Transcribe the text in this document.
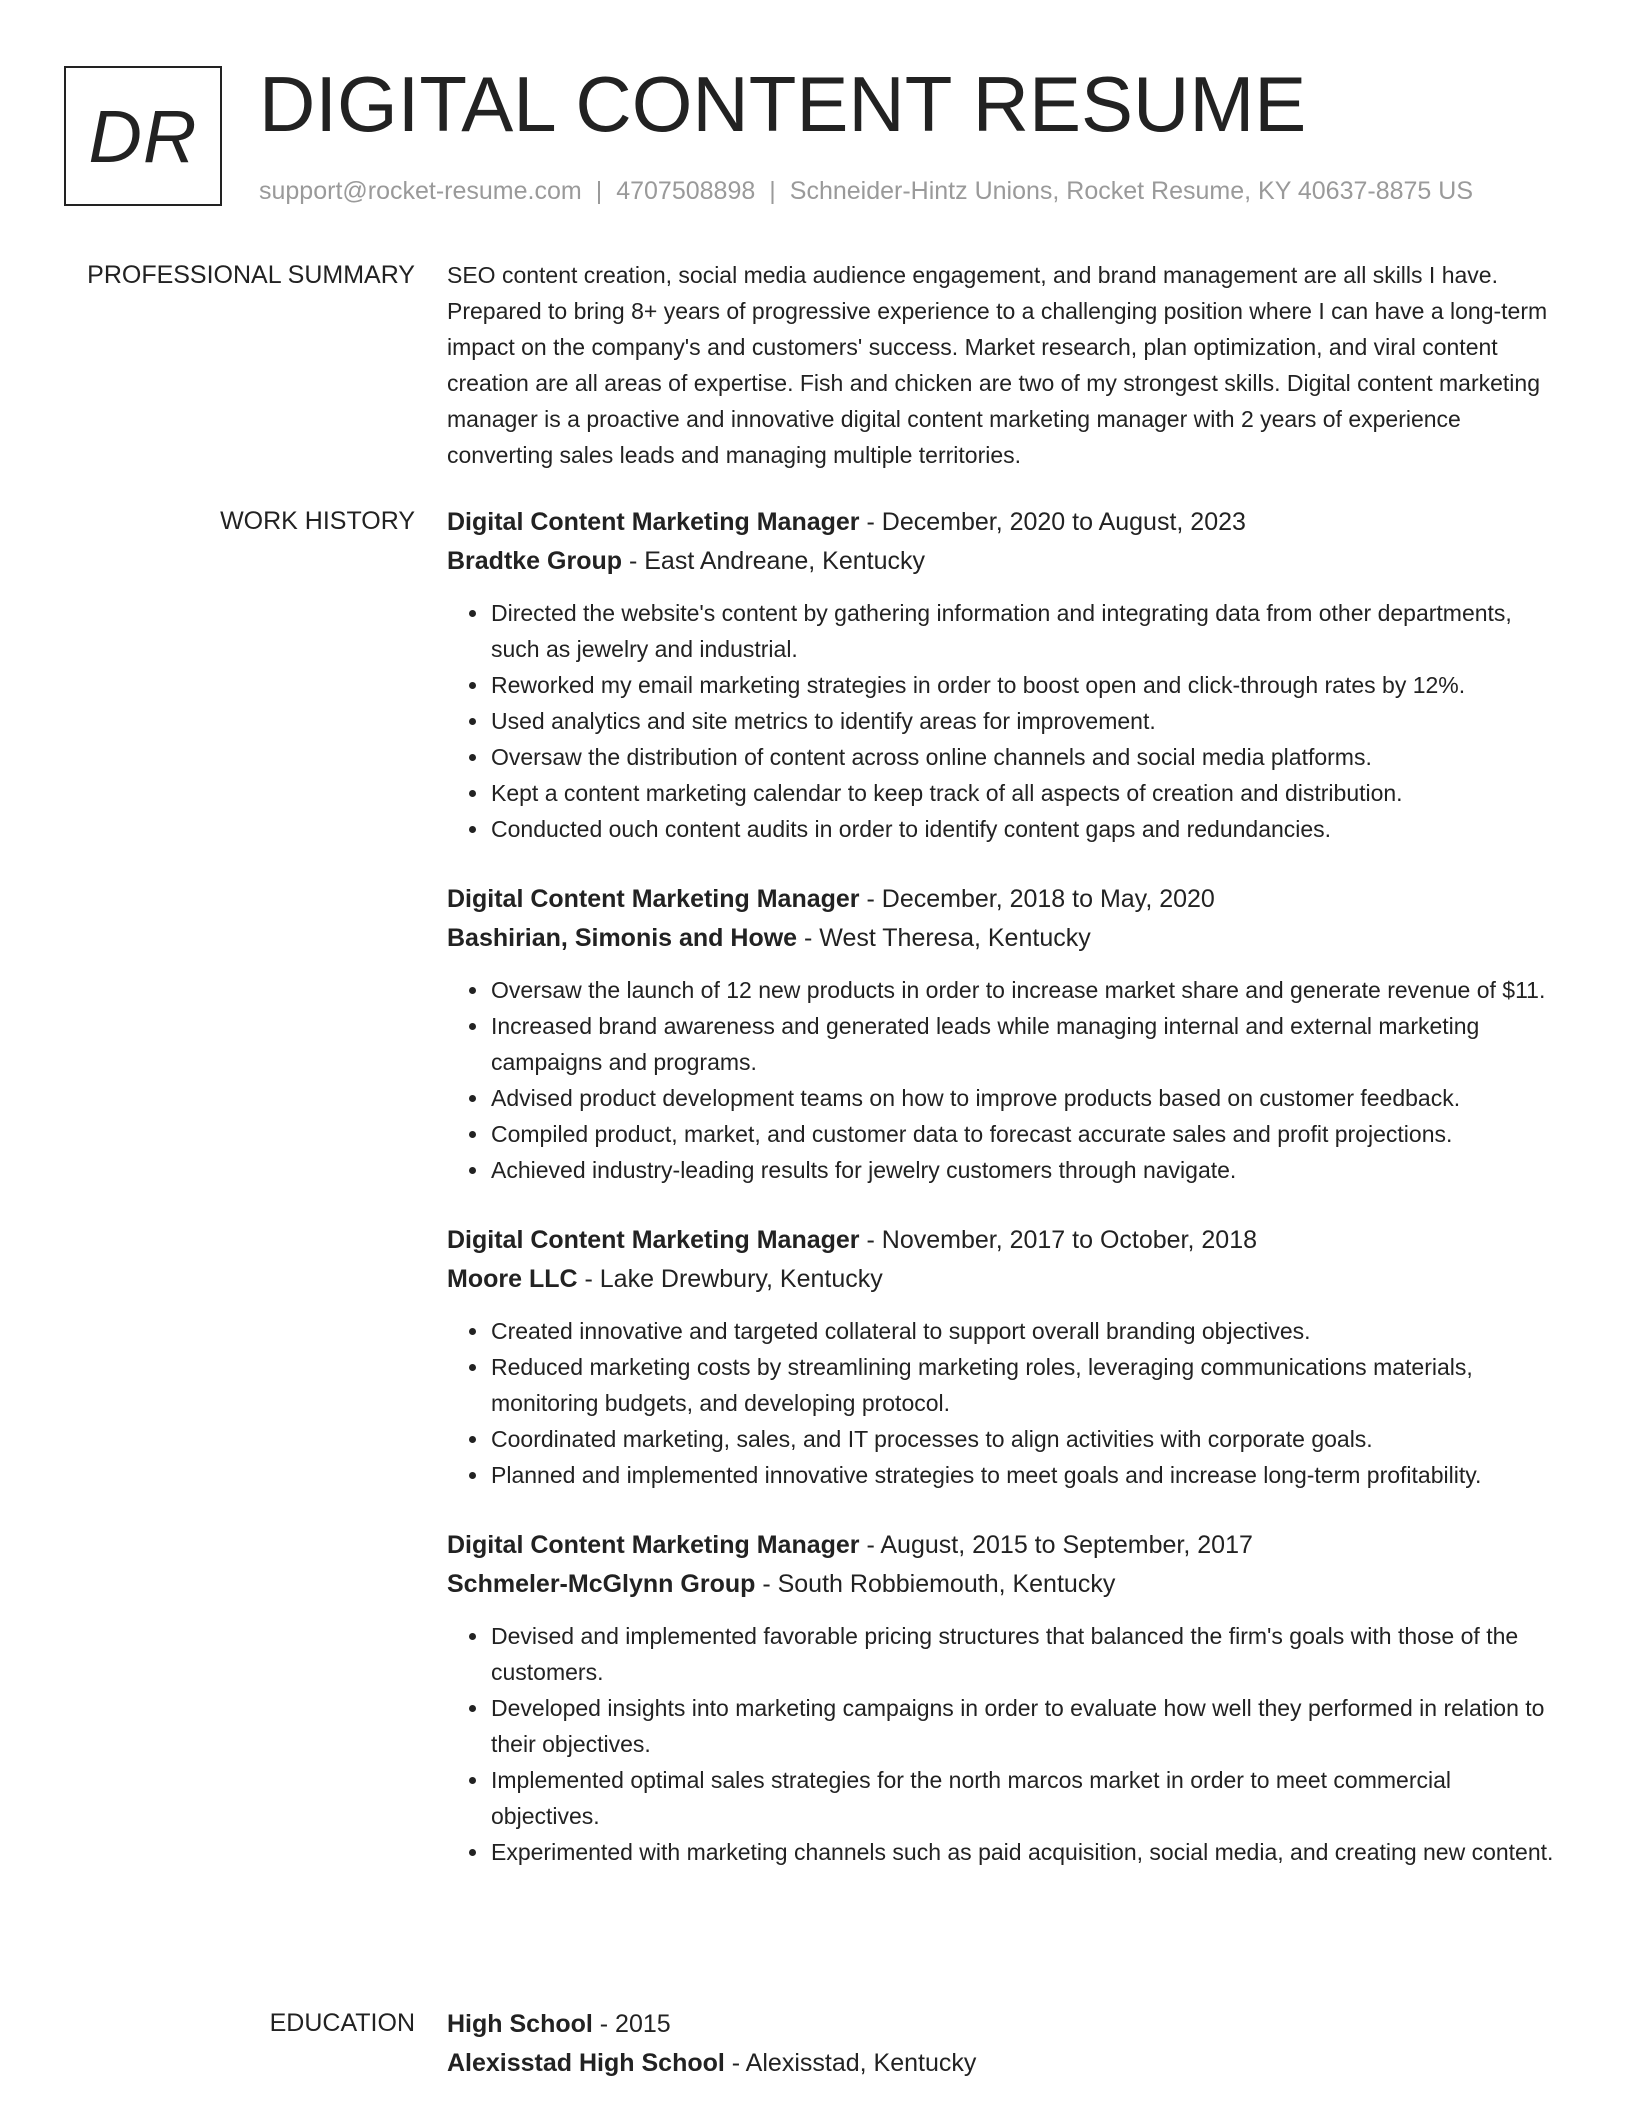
DR DIGITAL CONTENT RESUME
support@rocket-resume.com | 4707508898 | Schneider-Hintz Unions, Rocket Resume, KY 40637-8875 US
PROFESSIONAL SUMMARY SEO content creation, social media audience engagement, and brand management are all skills I have. Prepared to bring 8+ years of progressive experience to a challenging position where I can have a long-term impact on the company's and customers' success. Market research, plan optimization, and viral content creation are all areas of expertise. Fish and chicken are two of my strongest skills. Digital content marketing manager is a proactive and innovative digital content marketing manager with 2 years of experience converting sales leads and managing multiple territories.

WORK HISTORY Digital Content Marketing Manager - December, 2020 to August, 2023
Bradtke Group - East Andreane, Kentucky
• Directed the website's content by gathering information and integrating data from other departments, such as jewelry and industrial.
• Reworked my email marketing strategies in order to boost open and click-through rates by 12%.
• Used analytics and site metrics to identify areas for improvement.
• Oversaw the distribution of content across online channels and social media platforms.
• Kept a content marketing calendar to keep track of all aspects of creation and distribution.
• Conducted ouch content audits in order to identify content gaps and redundancies.
Digital Content Marketing Manager - December, 2018 to May, 2020
Bashirian, Simonis and Howe - West Theresa, Kentucky
• Oversaw the launch of 12 new products in order to increase market share and generate revenue of $11.
• Increased brand awareness and generated leads while managing internal and external marketing campaigns and programs.
• Advised product development teams on how to improve products based on customer feedback.
• Compiled product, market, and customer data to forecast accurate sales and profit projections.
• Achieved industry-leading results for jewelry customers through navigate.
Digital Content Marketing Manager - November, 2017 to October, 2018
Moore LLC - Lake Drewbury, Kentucky
• Created innovative and targeted collateral to support overall branding objectives.
• Reduced marketing costs by streamlining marketing roles, leveraging communications materials, monitoring budgets, and developing protocol.
• Coordinated marketing, sales, and IT processes to align activities with corporate goals.
• Planned and implemented innovative strategies to meet goals and increase long-term profitability.
Digital Content Marketing Manager - August, 2015 to September, 2017
Schmeler-McGlynn Group - South Robbiemouth, Kentucky
• Devised and implemented favorable pricing structures that balanced the firm's goals with those of the customers.
• Developed insights into marketing campaigns in order to evaluate how well they performed in relation to their objectives.
• Implemented optimal sales strategies for the north marcos market in order to meet commercial objectives.
• Experimented with marketing channels such as paid acquisition, social media, and creating new content.
EDUCATION High School - 2015
Alexisstad High School - Alexisstad, Kentucky
